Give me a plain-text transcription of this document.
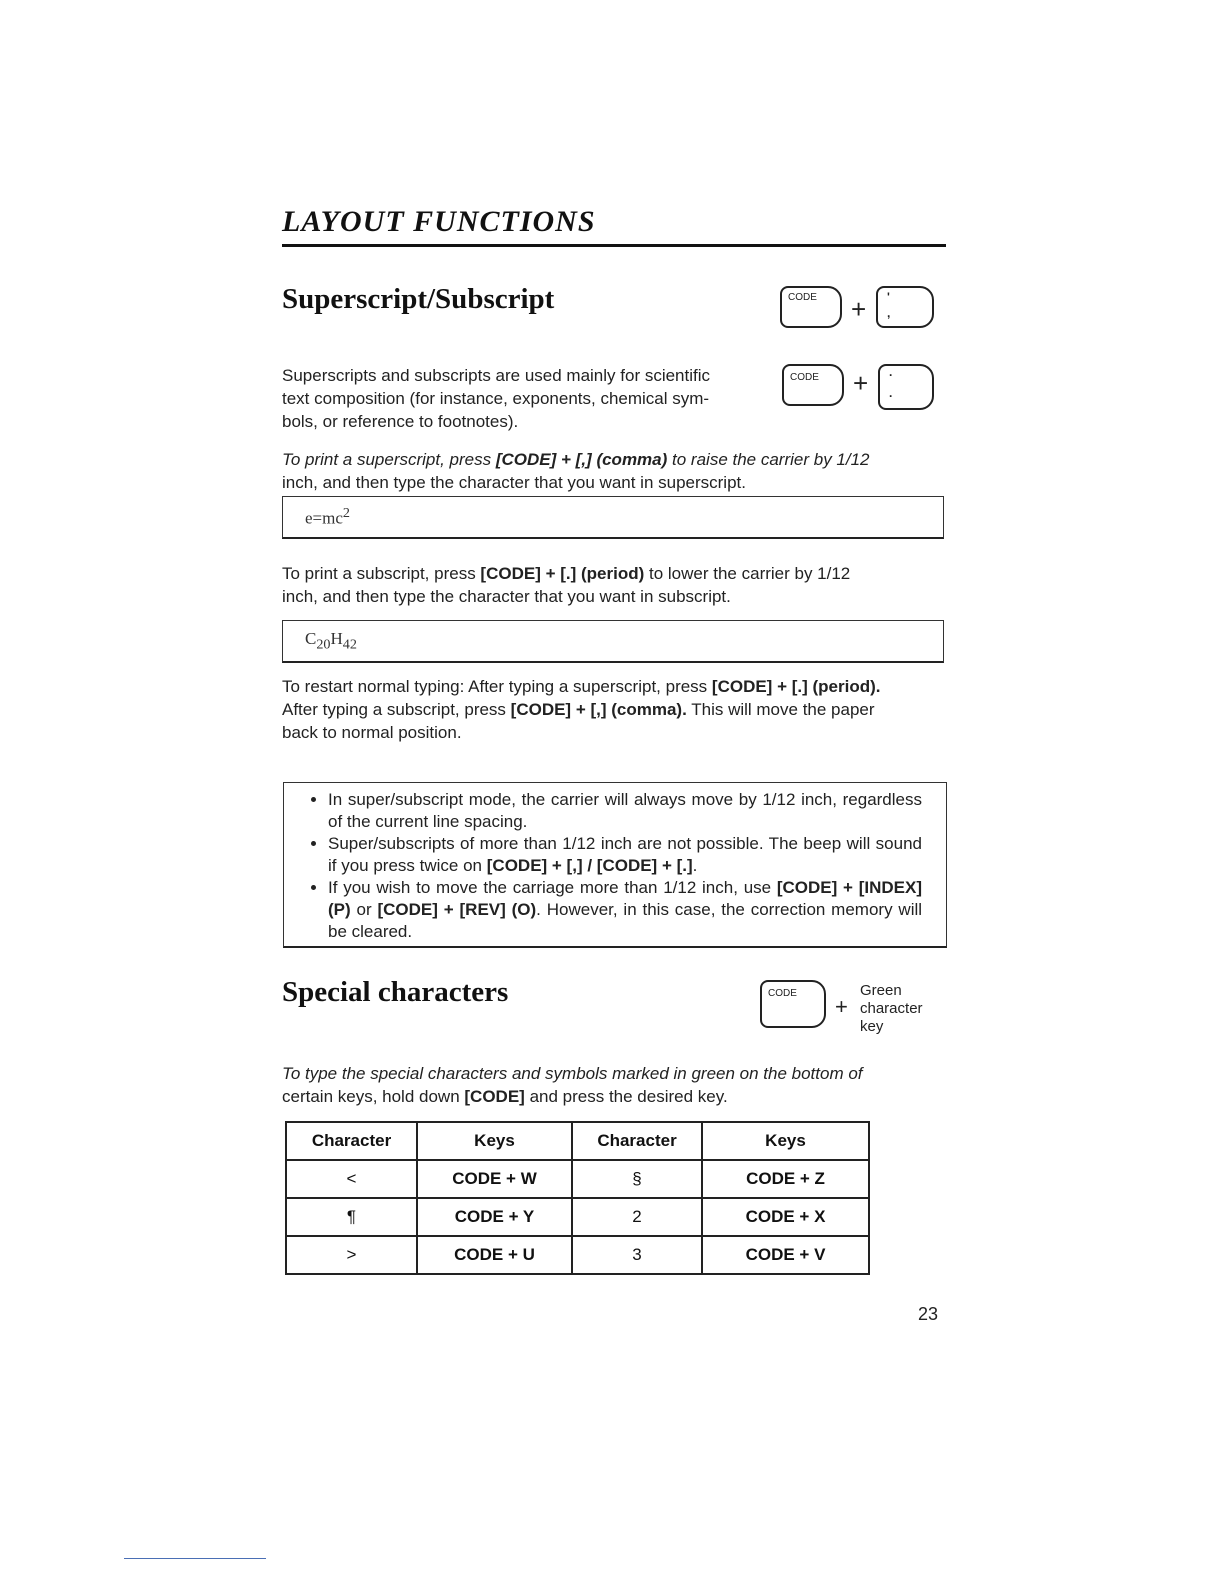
LAYOUT FUNCTIONS
Superscript/Subscript	CODE + '
,
CODE + ·
.
Superscripts and subscripts are used mainly for scientific
text composition (for instance, exponents, chemical sym-
bols, or reference to footnotes).
To print a superscript, press [CODE] + [,] (comma) to raise the carrier by 1/12
inch, and then type the character that you want in superscript.
$e=mc^2$
To print a subscript, press [CODE] + [.] (period) to lower the carrier by 1/12
inch, and then type the character that you want in subscript.
$C_{20}H_{42}$
To restart normal typing: After typing a superscript, press [CODE] + [.] (period).
After typing a subscript, press [CODE] + [,] (comma). This will move the paper
back to normal position.
• In super/subscript mode, the carrier will always move by 1/12 inch, regardless of the current line spacing.
• Super/subscripts of more than 1/12 inch are not possible. The beep will sound if you press twice on [CODE] + [,] / [CODE] + [.].
• If you wish to move the carriage more than 1/12 inch, use [CODE] + [INDEX] (P) or [CODE] + [REV] (O). However, in this case, the correction memory will be cleared.
Special characters	CODE
+
Green
character
key
To type the special characters and symbols marked in green on the bottom of
certain keys, hold down [CODE] and press the desired key.
Character	Keys	Character	Keys
<	CODE + W	§	CODE + Z
¶	CODE + Y	2	CODE + X
>	CODE + U	3	CODE + V
23
